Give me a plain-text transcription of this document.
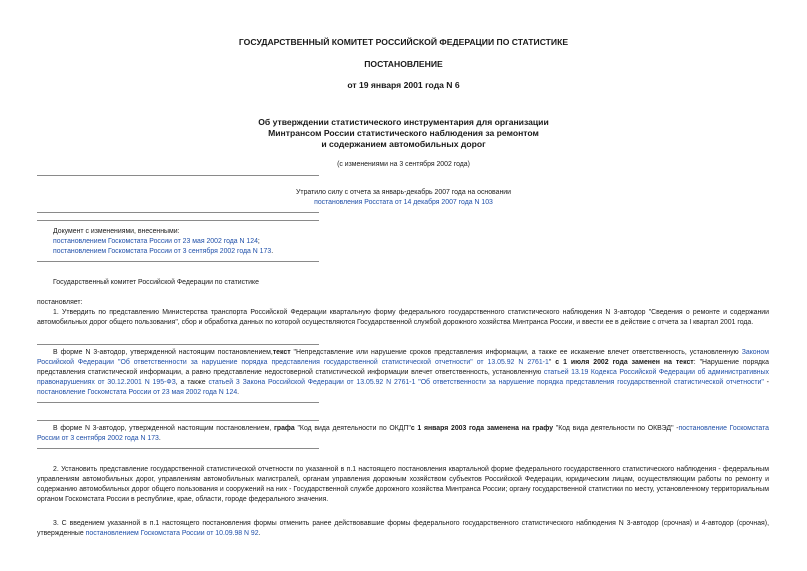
ГОСУДАРСТВЕННЫЙ КОМИТЕТ РОССИЙСКОЙ ФЕДЕРАЦИИ ПО СТАТИСТИКЕ
ПОСТАНОВЛЕНИЕ
от 19 января 2001 года N 6
Об утверждении статистического инструментария для организации
Минтрансом России статистического наблюдения за ремонтом
и содержанием автомобильных дорог
(с изменениями на 3 сентября 2002 года)
Утратило силу с отчета за январь-декабрь 2007 года на основании
постановления Росстата от 14 декабря 2007 года N 103
Документ с изменениями, внесенными:
постановлением Госкомстата России от 23 мая 2002 года N 124;
постановлением Госкомстата России от 3 сентября 2002 года N 173.
Государственный комитет Российской Федерации по статистике
постановляет:
1. Утвердить по представлению Министерства транспорта Российской Федерации квартальную форму федерального государственного статистического наблюдения N 3-автодор "Сведения о ремонте и содержании автомобильных дорог общего пользования", сбор и обработка данных по которой осуществляются Государственной службой дорожного хозяйства Минтранса России, и ввести ее в действие с отчета за I квартал 2001 года.
В форме N 3-автодор, утвержденной настоящим постановлением,текст "Непредставление или нарушение сроков представления информации, а также ее искажение влечет ответственность, установленную Законом Российской Федерации "Об ответственности за нарушение порядка представления государственной статистической отчетности" от 13.05.92 N 2761-1" с 1 июля 2002 года заменен на текст: "Нарушение порядка представления статистической информации, а равно представление недостоверной статистической информации влечет ответственность, установленную статьей 13.19 Кодекса Российской Федерации об административных правонарушениях от 30.12.2001 N 195-ФЗ, а также статьей 3 Закона Российской Федерации от 13.05.92 N 2761-1 "Об ответственности за нарушение порядка представления государственной статистической отчетности" - постановление Госкомстата России от 23 мая 2002 года N 124.
В форме N 3-автодор, утвержденной настоящим постановлением, графа "Код вида деятельности по ОКДП"с 1 января 2003 года заменена на графу "Код вида деятельности по ОКВЭД" -постановление Госкомстата России от 3 сентября 2002 года N 173.
2. Установить представление государственной статистической отчетности по указанной в п.1 настоящего постановления квартальной форме федерального государственного статистического наблюдения - федеральным управлениям автомобильных дорог, управлениям автомобильных магистралей, органам управления дорожным хозяйством субъектов Российской Федерации, юридическим лицам, осуществляющим работы по ремонту и содержанию автомобильных дорог общего пользования и сооружений на них - Государственной службе дорожного хозяйства Минтранса России; органу государственной статистики по месту, установленному территориальным органом Госкомстата России в республике, крае, области, городе федерального значения.
3. С введением указанной в п.1 настоящего постановления формы отменить ранее действовавшие формы федерального государственного статистического наблюдения N 3-автодор (срочная) и 4-автодор (срочная), утвержденные постановлением Госкомстата России от 10.09.98 N 92.
